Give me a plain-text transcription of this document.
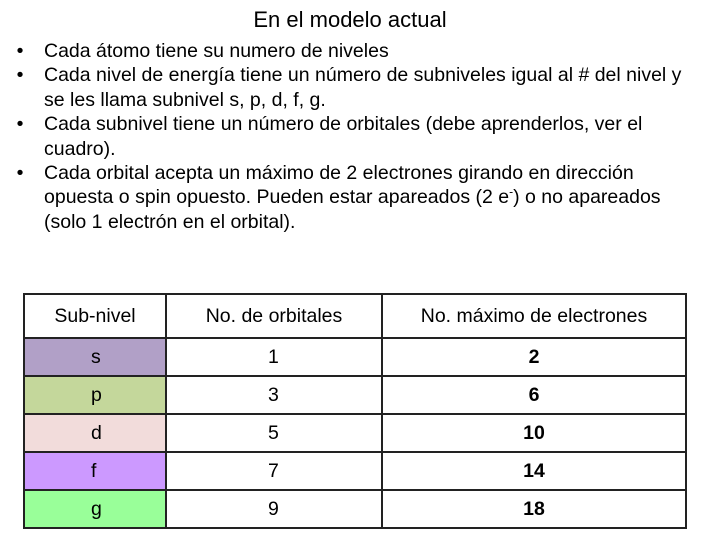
En el modelo actual
•	Cada átomo tiene su numero de niveles
•	Cada nivel de energía tiene un número de subniveles igual al # del nivel y se les llama subnivel s, p, d, f, g.
•	Cada subnivel tiene un número de orbitales (debe aprenderlos, ver el cuadro).
•	Cada orbital acepta un máximo de 2 electrones girando en dirección opuesta o spin opuesto. Pueden estar apareados (2 e-) o no apareados (solo 1 electrón en el orbital).
Sub-nivel	No. de orbitales	No. máximo de electrones
s	1	2
p	3	6
d	5	10
f	7	14
g	9	18
